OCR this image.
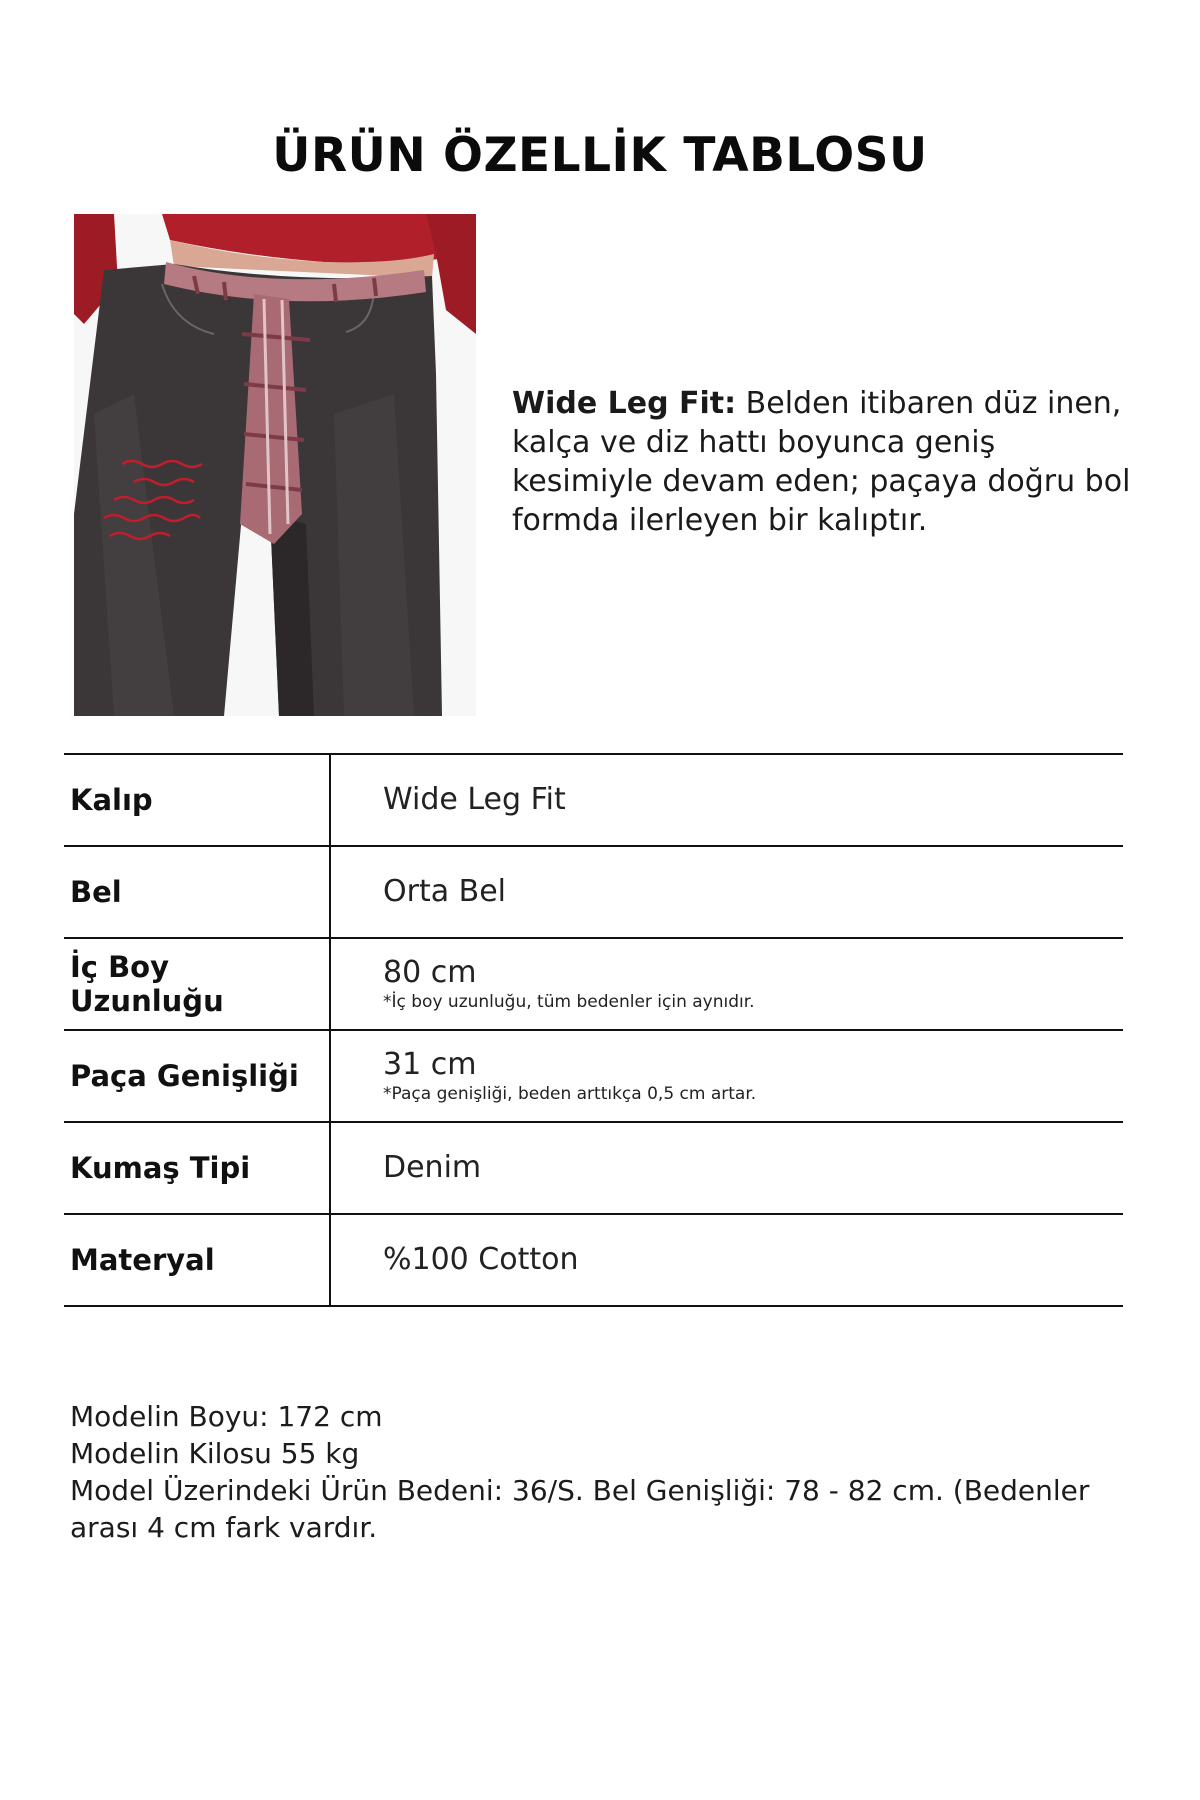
ÜRÜN ÖZELLİK TABLOSU
Wide Leg Fit: Belden itibaren düz inen, kalça ve diz hattı boyunca geniş kesimiyle devam eden; paçaya doğru bol formda ilerleyen bir kalıptır.
Kalıp	Wide Leg Fit

Bel	Orta Bel

İç Boy Uzunluğu	80 cm
*İç boy uzunluğu, tüm bedenler için aynıdır.

Paça Genişliği	31 cm
*Paça genişliği, beden arttıkça 0,5 cm artar.

Kumaş Tipi	Denim

Materyal	%100 Cotton
Modelin Boyu: 172 cm
Modelin Kilosu 55 kg
Model Üzerindeki Ürün Bedeni: 36/S. Bel Genişliği: 78 - 82 cm. (Bedenler arası 4 cm fark vardır.
